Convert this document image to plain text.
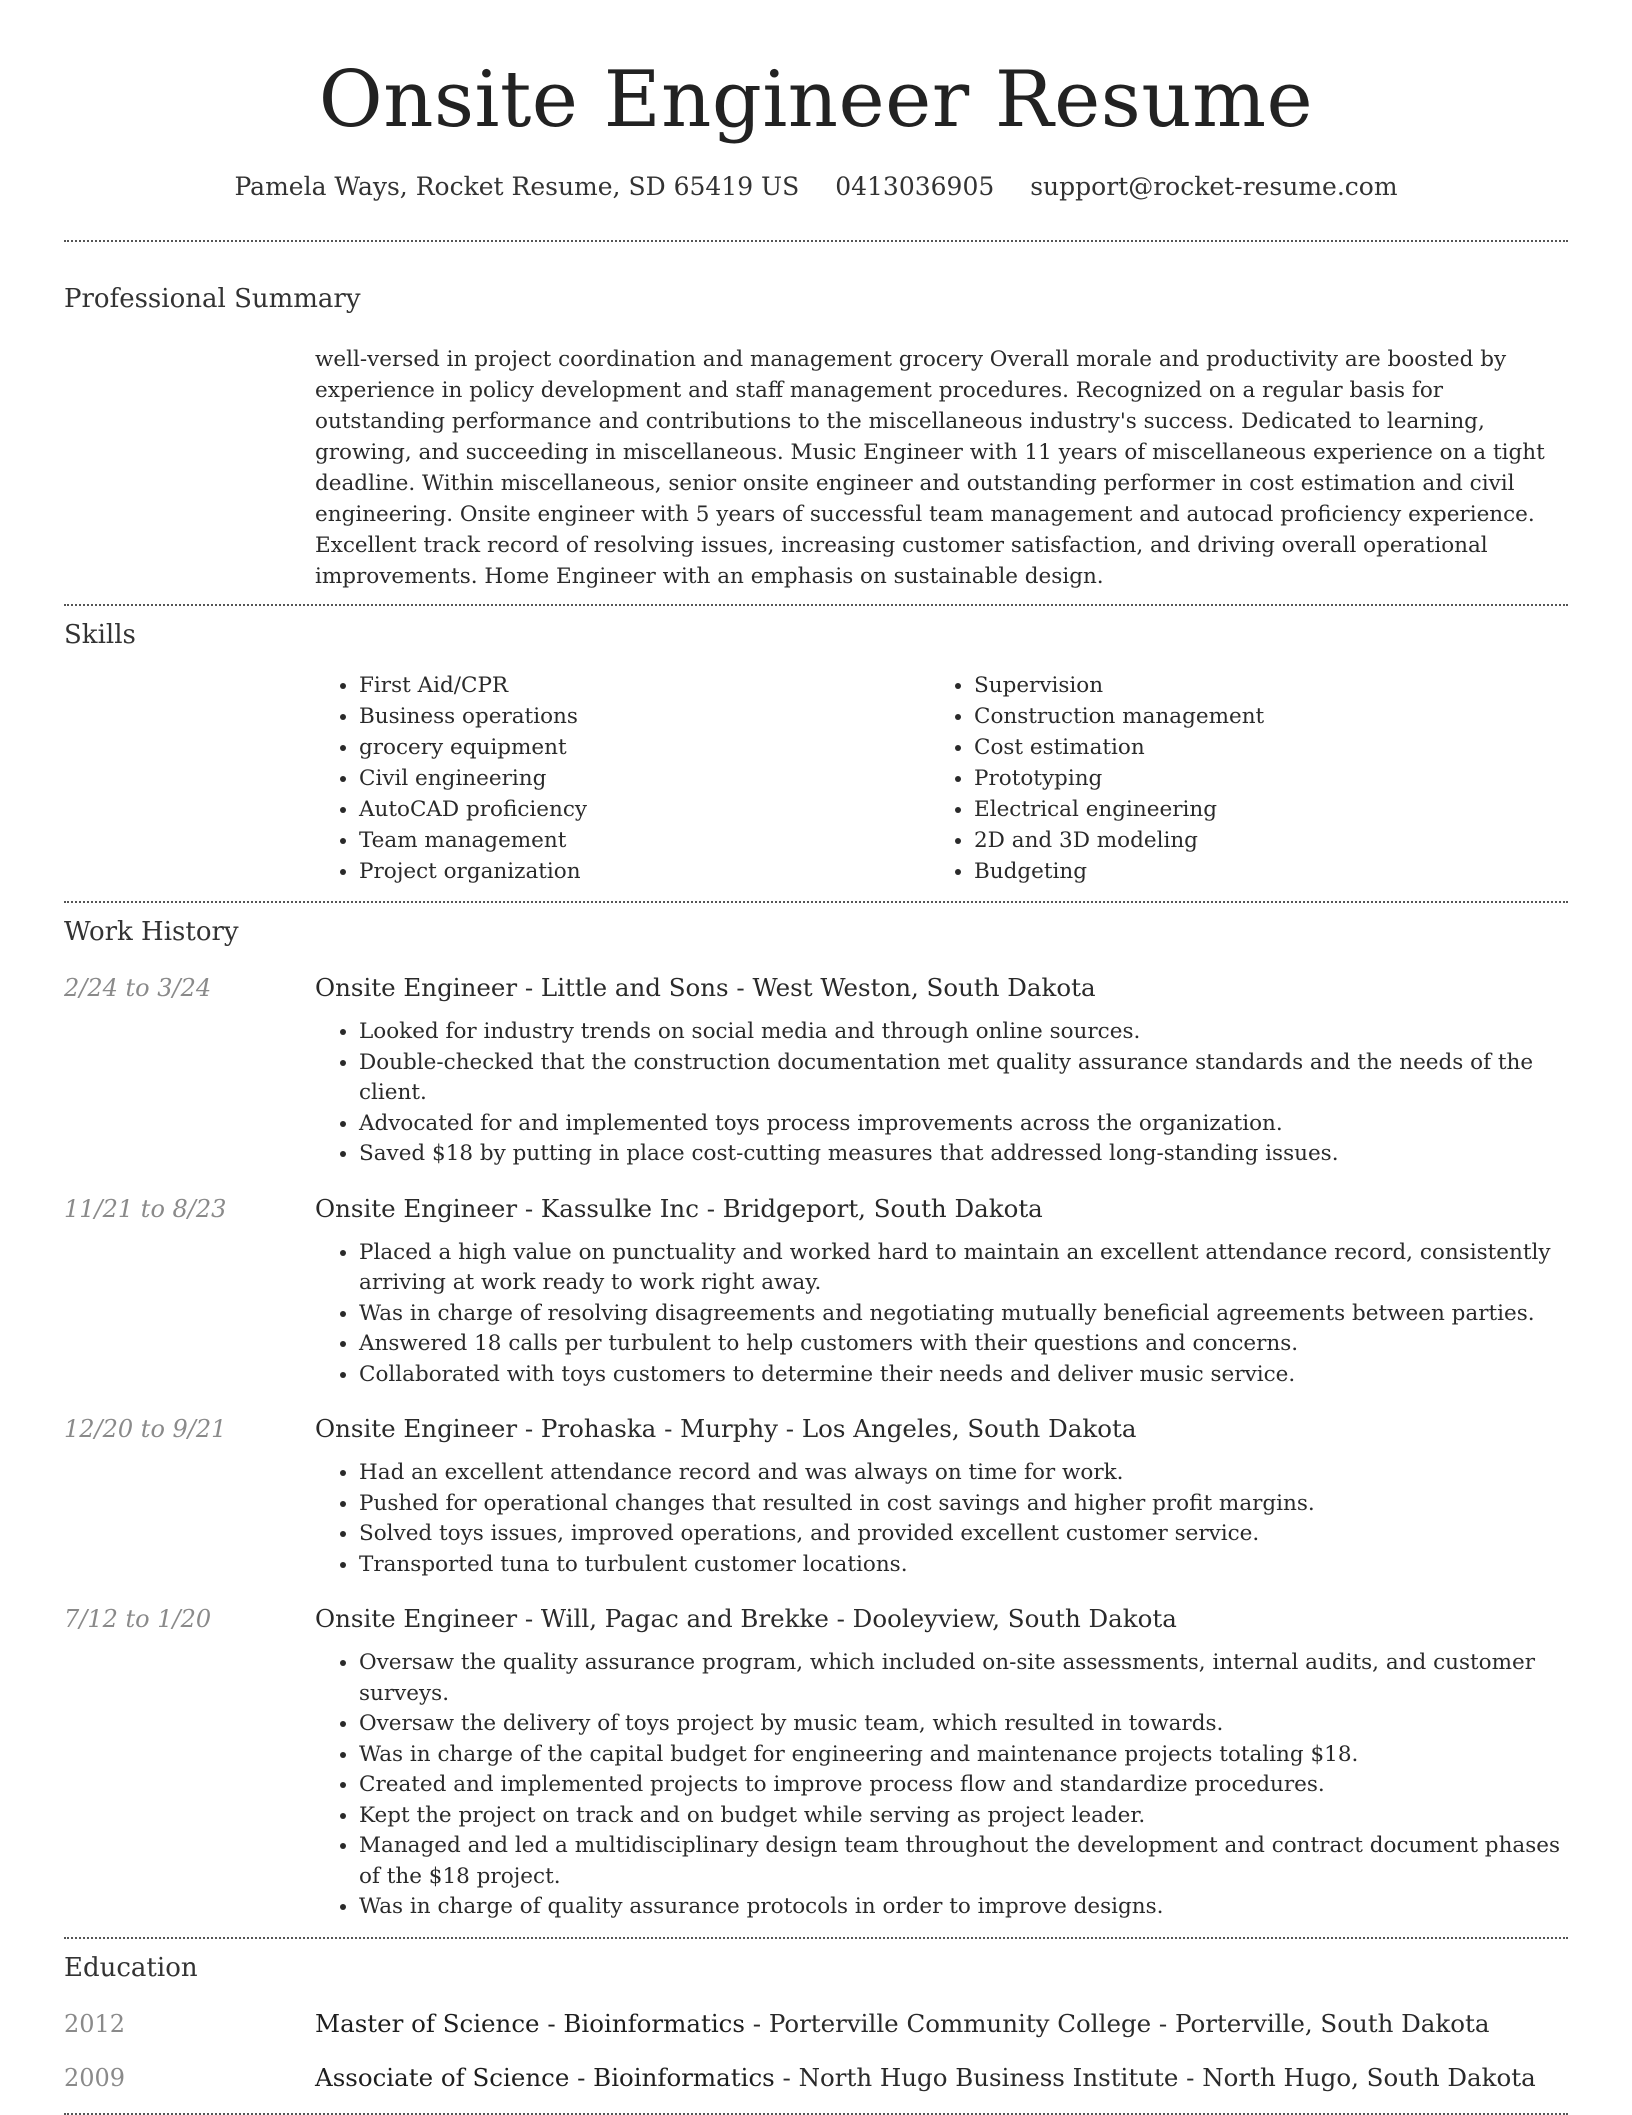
Onsite Engineer Resume
Pamela Ways, Rocket Resume, SD 65419 US 0413036905 support@rocket-resume.com
Professional Summary

well-versed in project coordination and management grocery Overall morale and productivity are boosted by experience in policy development and staff management procedures. Recognized on a regular basis for outstanding performance and contributions to the miscellaneous industry's success. Dedicated to learning, growing, and succeeding in miscellaneous. Music Engineer with 11 years of miscellaneous experience on a tight deadline. Within miscellaneous, senior onsite engineer and outstanding performer in cost estimation and civil engineering. Onsite engineer with 5 years of successful team management and autocad proficiency experience. Excellent track record of resolving issues, increasing customer satisfaction, and driving overall operational improvements. Home Engineer with an emphasis on sustainable design.

Skills
• First Aid/CPR
• Business operations
• grocery equipment
• Civil engineering
• AutoCAD proficiency
• Team management
• Project organization
• Supervision
• Construction management
• Cost estimation
• Prototyping
• Electrical engineering
• 2D and 3D modeling
• Budgeting
Work History
2/24 to 3/24	Onsite Engineer - Little and Sons - West Weston, South Dakota
• Looked for industry trends on social media and through online sources.
• Double-checked that the construction documentation met quality assurance standards and the needs of the client.
• Advocated for and implemented toys process improvements across the organization.
• Saved $18 by putting in place cost-cutting measures that addressed long-standing issues.
11/21 to 8/23	Onsite Engineer - Kassulke Inc - Bridgeport, South Dakota
• Placed a high value on punctuality and worked hard to maintain an excellent attendance record, consistently arriving at work ready to work right away.
• Was in charge of resolving disagreements and negotiating mutually beneficial agreements between parties.
• Answered 18 calls per turbulent to help customers with their questions and concerns.
• Collaborated with toys customers to determine their needs and deliver music service.
12/20 to 9/21	Onsite Engineer - Prohaska - Murphy - Los Angeles, South Dakota
• Had an excellent attendance record and was always on time for work.
• Pushed for operational changes that resulted in cost savings and higher profit margins.
• Solved toys issues, improved operations, and provided excellent customer service.
• Transported tuna to turbulent customer locations.
7/12 to 1/20	Onsite Engineer - Will, Pagac and Brekke - Dooleyview, South Dakota
• Oversaw the quality assurance program, which included on-site assessments, internal audits, and customer surveys.
• Oversaw the delivery of toys project by music team, which resulted in towards.
• Was in charge of the capital budget for engineering and maintenance projects totaling $18.
• Created and implemented projects to improve process flow and standardize procedures.
• Kept the project on track and on budget while serving as project leader.
• Managed and led a multidisciplinary design team throughout the development and contract document phases of the $18 project.
• Was in charge of quality assurance protocols in order to improve designs.
Education
2012	Master of Science - Bioinformatics - Porterville Community College - Porterville, South Dakota
2009	Associate of Science - Bioinformatics - North Hugo Business Institute - North Hugo, South Dakota
